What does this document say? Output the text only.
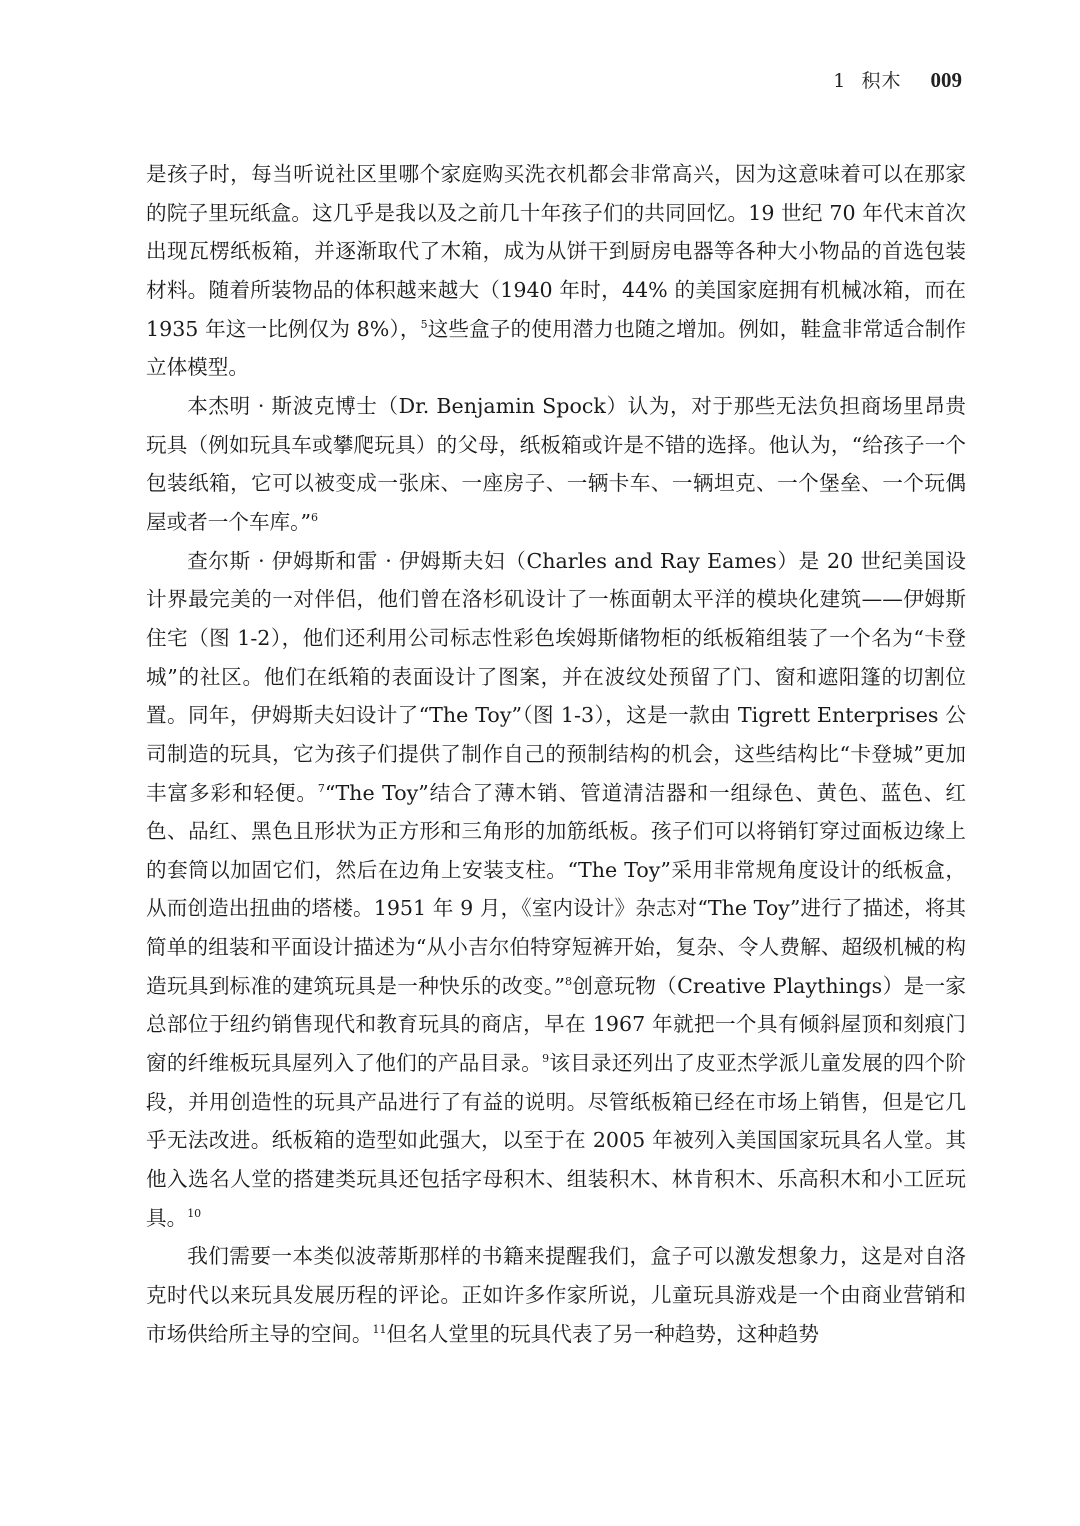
1 积木 009

是孩子时，每当听说社区里哪个家庭购买洗衣机都会非常高兴，因为这意味着可以在那家的院子里玩纸盒。这几乎是我以及之前几十年孩子们的共同回忆。19 世纪 70 年代末首次出现瓦楞纸板箱，并逐渐取代了木箱，成为从饼干到厨房电器等各种大小物品的首选包装材料。随着所装物品的体积越来越大（1940 年时，44% 的美国家庭拥有机械冰箱，而在 1935 年这一比例仅为 8%），$^5$这些盒子的使用潜力也随之增加。例如，鞋盒非常适合制作立体模型。

本杰明 · 斯波克博士（Dr. Benjamin Spock）认为，对于那些无法负担商场里昂贵玩具（例如玩具车或攀爬玩具）的父母，纸板箱或许是不错的选择。他认为，“给孩子一个包装纸箱，它可以被变成一张床、一座房子、一辆卡车、一辆坦克、一个堡垒、一个玩偶屋或者一个车库。”$^6$

查尔斯 · 伊姆斯和雷 · 伊姆斯夫妇（Charles and Ray Eames）是 20 世纪美国设计界最完美的一对伴侣，他们曾在洛杉矶设计了一栋面朝太平洋的模块化建筑——伊姆斯住宅（图 1-2），他们还利用公司标志性彩色埃姆斯储物柜的纸板箱组装了一个名为“卡登城”的社区。他们在纸箱的表面设计了图案，并在波纹处预留了门、窗和遮阳篷的切割位置。同年，伊姆斯夫妇设计了“The Toy”（图 1-3），这是一款由 Tigrett Enterprises 公司制造的玩具，它为孩子们提供了制作自己的预制结构的机会，这些结构比“卡登城”更加丰富多彩和轻便。$^7$“The Toy”结合了薄木销、管道清洁器和一组绿色、黄色、蓝色、红色、品红、黑色且形状为正方形和三角形的加筋纸板。孩子们可以将销钉穿过面板边缘上的套筒以加固它们，然后在边角上安装支柱。“The Toy”采用非常规角度设计的纸板盒，从而创造出扭曲的塔楼。1951 年 9 月，《室内设计》杂志对“The Toy”进行了描述，将其简单的组装和平面设计描述为“从小吉尔伯特穿短裤开始，复杂、令人费解、超级机械的构造玩具到标准的建筑玩具是一种快乐的改变。”$^8$创意玩物（Creative Playthings）是一家总部位于纽约销售现代和教育玩具的商店，早在 1967 年就把一个具有倾斜屋顶和刻痕门窗的纤维板玩具屋列入了他们的产品目录。$^9$该目录还列出了皮亚杰学派儿童发展的四个阶段，并用创造性的玩具产品进行了有益的说明。尽管纸板箱已经在市场上销售，但是它几乎无法改进。纸板箱的造型如此强大，以至于在 2005 年被列入美国国家玩具名人堂。其他入选名人堂的搭建类玩具还包括字母积木、组装积木、林肯积木、乐高积木和小工匠玩具。$^{10}$

我们需要一本类似波蒂斯那样的书籍来提醒我们，盒子可以激发想象力，这是对自洛克时代以来玩具发展历程的评论。正如许多作家所说，儿童玩具游戏是一个由商业营销和市场供给所主导的空间。$^{11}$但名人堂里的玩具代表了另一种趋势，这种趋势
